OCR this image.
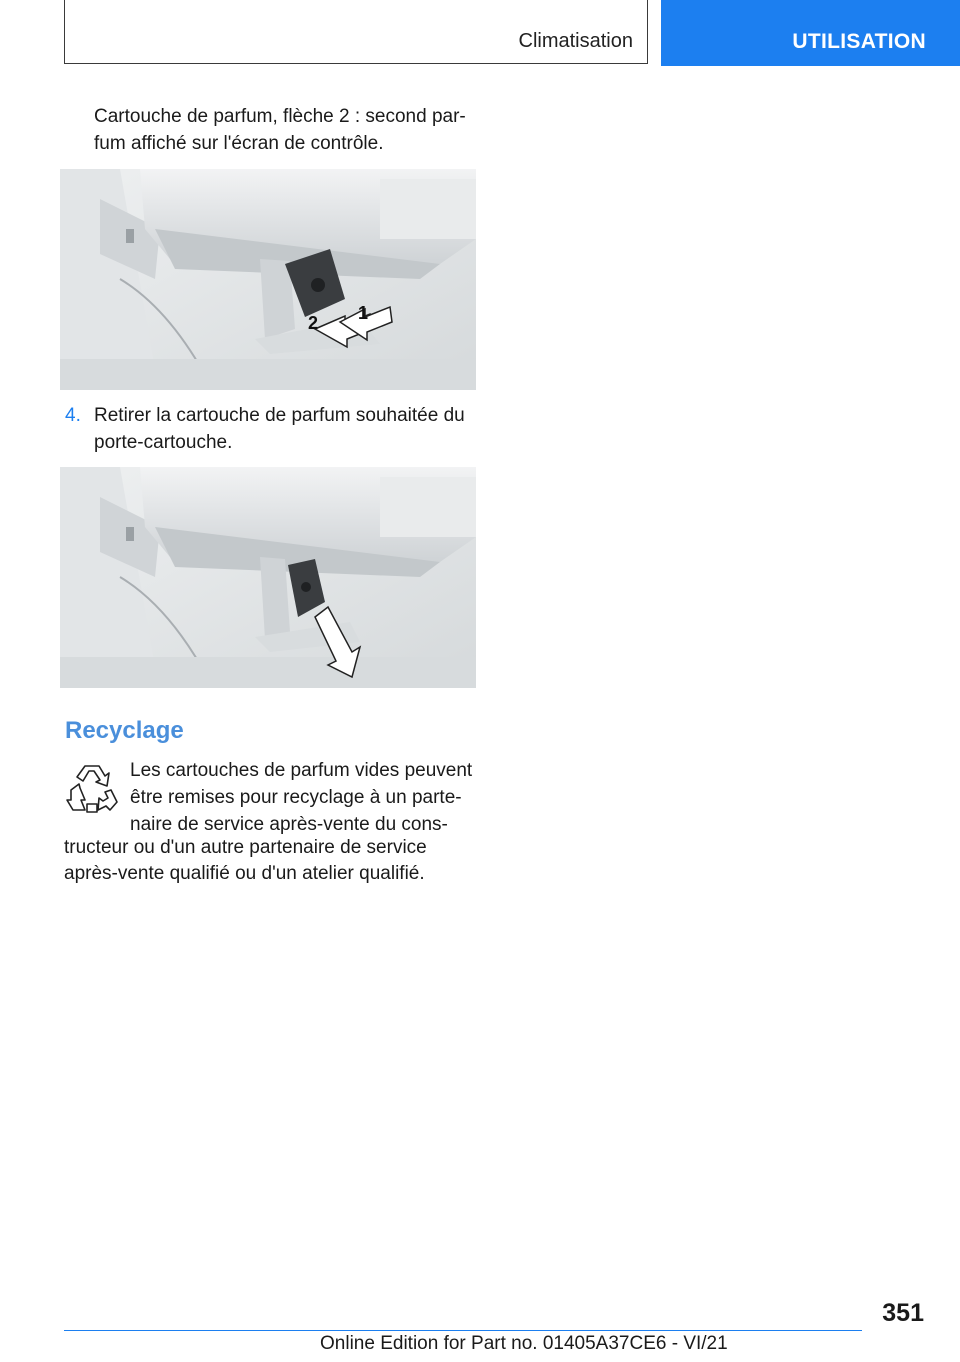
Climatisation	UTILISATION
Cartouche de parfum, flèche 2 : second par-fum affiché sur l'écran de contrôle.
2 1
4. Retirer la cartouche de parfum souhaitée du porte-cartouche.
Recyclage
Les cartouches de parfum vides peuvent
être remises pour recyclage à un parte-
naire de service après-vente du cons-
tructeur ou d'un autre partenaire de service
après-vente qualifié ou d'un atelier qualifié.
351
Online Edition for Part no. 01405A37CE6 - VI/21
